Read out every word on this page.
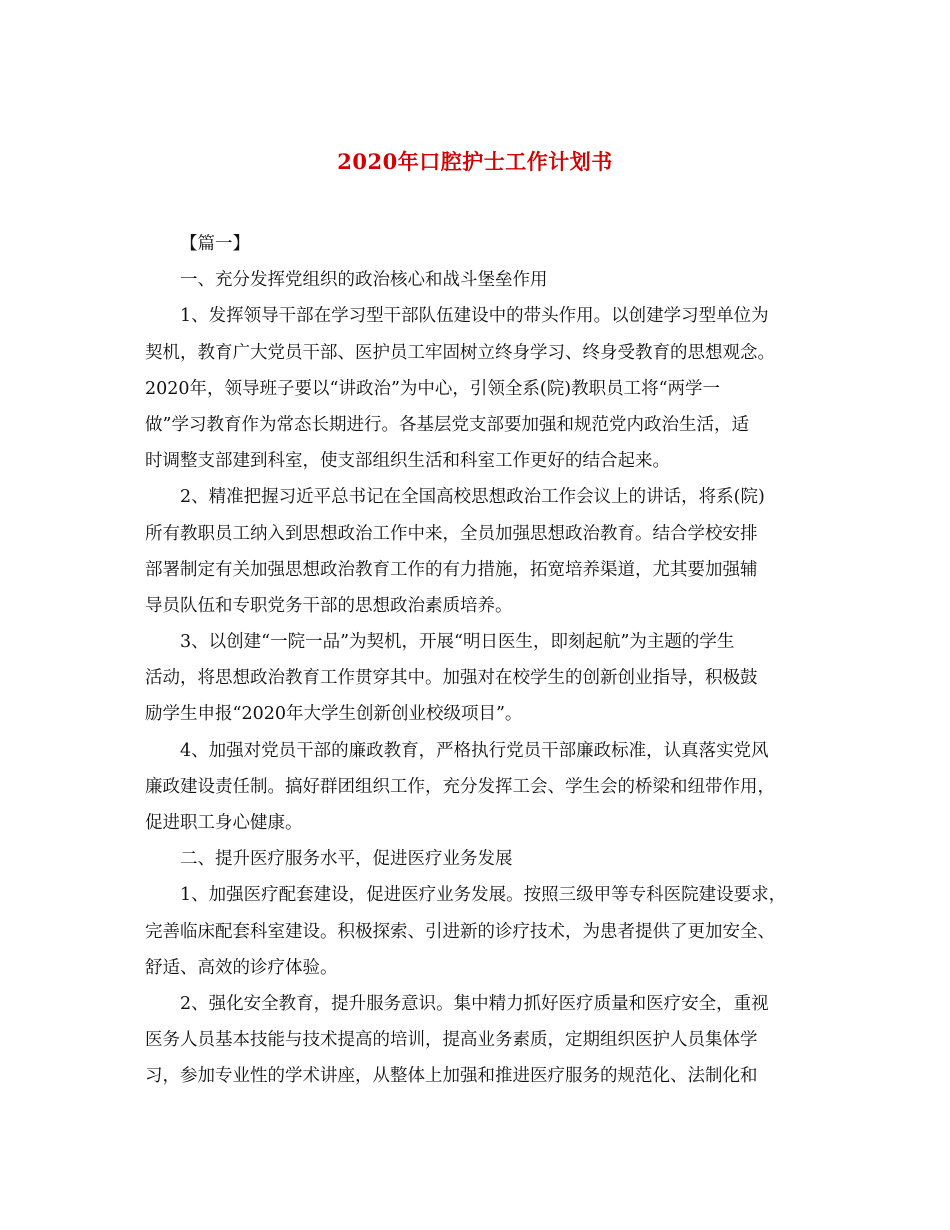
2020年口腔护士工作计划书
【篇一】
一、充分发挥党组织的政治核心和战斗堡垒作用
1、发挥领导干部在学习型干部队伍建设中的带头作用。以创建学习型单位为
契机，教育广大党员干部、医护员工牢固树立终身学习、终身受教育的思想观念。
2020年，领导班子要以“讲政治”为中心，引领全系(院)教职员工将“两学一
做”学习教育作为常态长期进行。各基层党支部要加强和规范党内政治生活，适
时调整支部建到科室，使支部组织生活和科室工作更好的结合起来。
2、精准把握习近平总书记在全国高校思想政治工作会议上的讲话，将系(院)
所有教职员工纳入到思想政治工作中来，全员加强思想政治教育。结合学校安排
部署制定有关加强思想政治教育工作的有力措施，拓宽培养渠道，尤其要加强辅
导员队伍和专职党务干部的思想政治素质培养。
3、以创建“一院一品”为契机，开展“明日医生，即刻起航”为主题的学生
活动，将思想政治教育工作贯穿其中。加强对在校学生的创新创业指导，积极鼓
励学生申报“2020年大学生创新创业校级项目”。
4、加强对党员干部的廉政教育，严格执行党员干部廉政标准，认真落实党风
廉政建设责任制。搞好群团组织工作，充分发挥工会、学生会的桥梁和纽带作用，
促进职工身心健康。
二、提升医疗服务水平，促进医疗业务发展
1、加强医疗配套建设，促进医疗业务发展。按照三级甲等专科医院建设要求，
完善临床配套科室建设。积极探索、引进新的诊疗技术，为患者提供了更加安全、
舒适、高效的诊疗体验。
2、强化安全教育，提升服务意识。集中精力抓好医疗质量和医疗安全，重视
医务人员基本技能与技术提高的培训，提高业务素质，定期组织医护人员集体学
习，参加专业性的学术讲座，从整体上加强和推进医疗服务的规范化、法制化和
